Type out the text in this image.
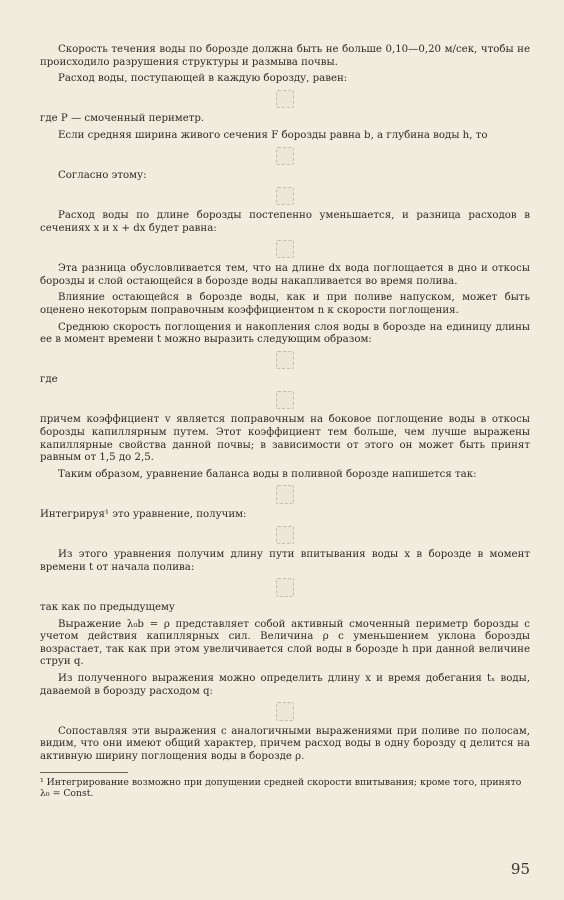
Скорость течения воды по борозде должна быть не больше 0,10—0,20 м/сек, чтобы не происходило разрушения структуры и размыва почвы.

Расход воды, поступающей в каждую борозду, равен:

где P — смоченный периметр.

Если средняя ширина живого сечения F борозды равна b, а глубина воды h, то

Согласно этому:

Расход воды по длине борозды постепенно уменьшается, и разница расходов в сечениях x и x + dx будет равна:

Эта разница обусловливается тем, что на длине dx вода поглощается в дно и откосы борозды и слой остающейся в борозде воды накапливается во время полива.

Влияние остающейся в борозде воды, как и при поливе напуском, может быть оценено некоторым поправочным коэффициентом n к скорости поглощения.

Среднюю скорость поглощения и накопления слоя воды в борозде на единицу длины ее в момент времени t можно выразить следующим образом:

где

причем коэффициент v является поправочным на боковое поглощение воды в откосы борозды капиллярным путем. Этот коэффициент тем больше, чем лучше выражены капиллярные свойства данной почвы; в зависимости от этого он может быть принят равным от 1,5 до 2,5.

Таким образом, уравнение баланса воды в поливной борозде напишется так:

Интегрируя¹ это уравнение, получим:

Из этого уравнения получим длину пути впитывания воды x в борозде в момент времени t от начала полива:

так как по предыдущему

Выражение λ₀b = ρ представляет собой активный смоченный периметр борозды с учетом действия капиллярных сил. Величина ρ с уменьшением уклона борозды возрастает, так как при этом увеличивается слой воды в борозде h при данной величине струи q.

Из полученного выражения можно определить длину x и время добегания tₓ воды, даваемой в борозду расходом q:

Сопоставляя эти выражения с аналогичными выражениями при поливе по полосам, видим, что они имеют общий характер, причем расход воды в одну борозду q делится на активную ширину поглощения воды в борозде ρ.

¹ Интегрирование возможно при допущении средней скорости впитывания; кроме того, принято λ₀ = Const.

95
